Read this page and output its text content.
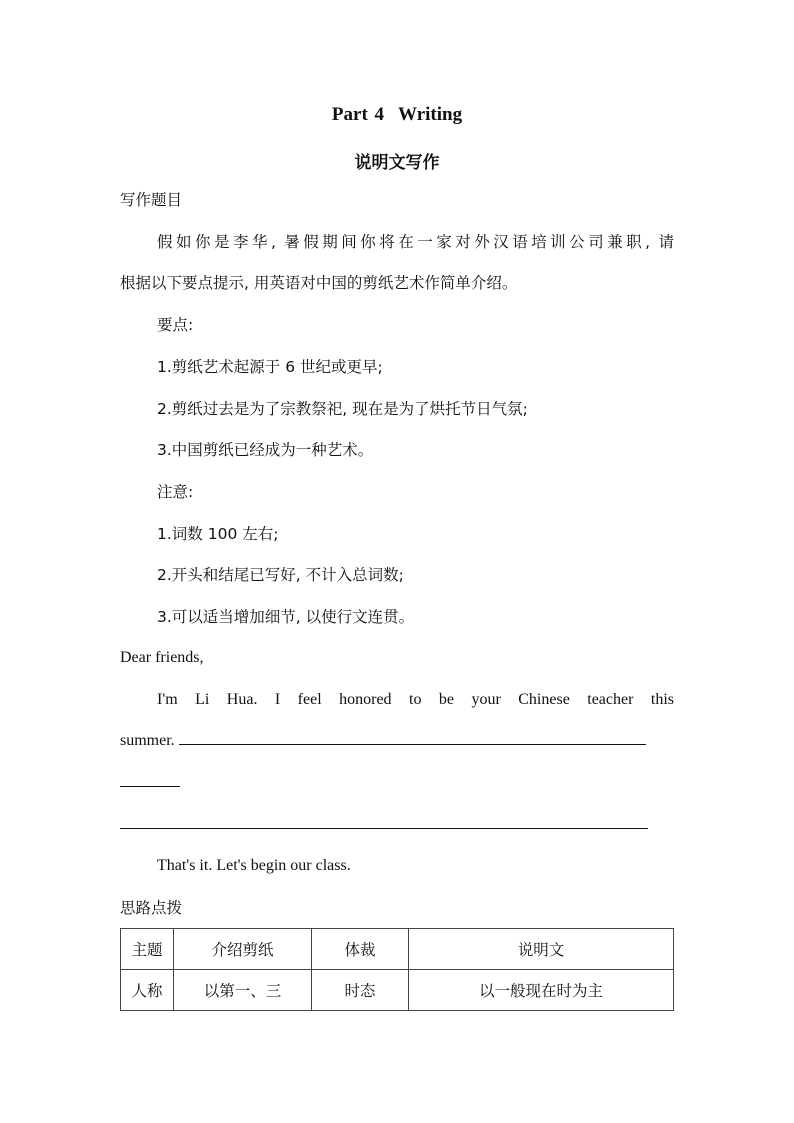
Part 4 Writing
说明文写作
写作题目
假如你是李华, 暑假期间你将在一家对外汉语培训公司兼职, 请
根据以下要点提示, 用英语对中国的剪纸艺术作简单介绍。
要点:
1.剪纸艺术起源于 6 世纪或更早;
2.剪纸过去是为了宗教祭祀, 现在是为了烘托节日气氛;
3.中国剪纸已经成为一种艺术。
注意:
1.词数 100 左右;
2.开头和结尾已写好, 不计入总词数;
3.可以适当增加细节, 以使行文连贯。
Dear friends,
I'm Li Hua. I feel honored to be your Chinese teacher this
summer.
That's it. Let's begin our class.
思路点拨
主题	介绍剪纸	体裁	说明文
人称	以第一、三	时态	以一般现在时为主
